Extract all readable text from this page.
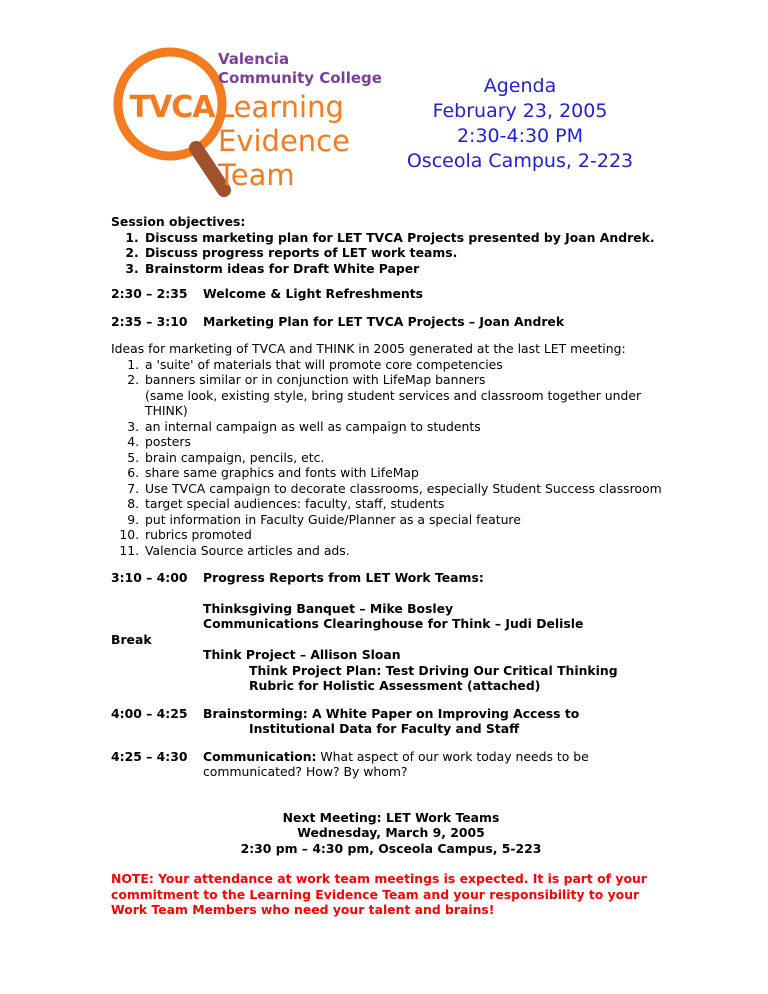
TVCA
Valencia
Community College
Learning
Evidence
Team
Agenda
February 23, 2005
2:30-4:30 PM
Osceola Campus, 2-223
Session objectives:
1. Discuss marketing plan for LET TVCA Projects presented by Joan Andrek.
2. Discuss progress reports of LET work teams.
3. Brainstorm ideas for Draft White Paper
2:30 – 2:35	Welcome & Light Refreshments
2:35 – 3:10	Marketing Plan for LET TVCA Projects – Joan Andrek
Ideas for marketing of TVCA and THINK in 2005 generated at the last LET meeting:
1. a 'suite' of materials that will promote core competencies
2. banners similar or in conjunction with LifeMap banners
(same look, existing style, bring student services and classroom together under THINK)
3. an internal campaign as well as campaign to students
4. posters
5. brain campaign, pencils, etc.
6. share same graphics and fonts with LifeMap
7. Use TVCA campaign to decorate classrooms, especially Student Success classroom
8. target special audiences: faculty, staff, students
9. put information in Faculty Guide/Planner as a special feature
10. rubrics promoted
11. Valencia Source articles and ads.
3:10 – 4:00	Progress Reports from LET Work Teams:
Thinksgiving Banquet – Mike Bosley
Communications Clearinghouse for Think – Judi Delisle
Break
Think Project – Allison Sloan
Think Project Plan: Test Driving Our Critical Thinking
Rubric for Holistic Assessment (attached)
4:00 – 4:25	Brainstorming: A White Paper on Improving Access to
Institutional Data for Faculty and Staff
4:25 – 4:30	Communication: What aspect of our work today needs to be communicated? How? By whom?
Next Meeting: LET Work Teams
Wednesday, March 9, 2005
2:30 pm – 4:30 pm, Osceola Campus, 5-223
NOTE: Your attendance at work team meetings is expected. It is part of your commitment to the Learning Evidence Team and your responsibility to your Work Team Members who need your talent and brains!
